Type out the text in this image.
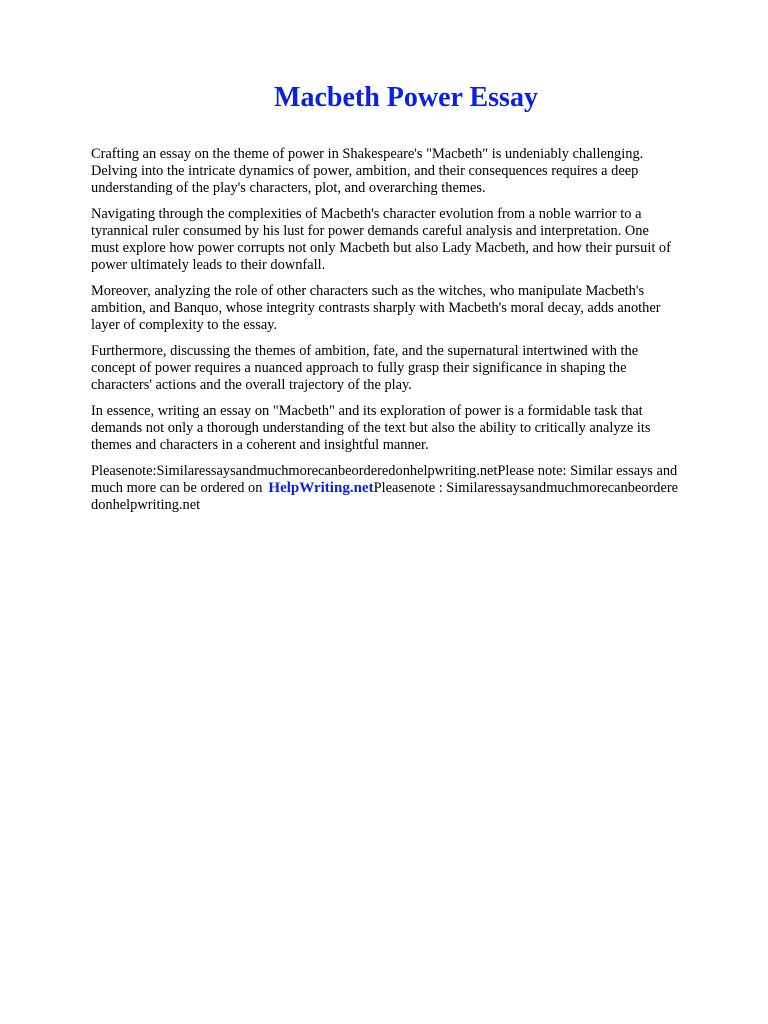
Macbeth Power Essay

Crafting an essay on the theme of power in Shakespeare's "Macbeth" is undeniably challenging.
Delving into the intricate dynamics of power, ambition, and their consequences requires a deep
understanding of the play's characters, plot, and overarching themes.

Navigating through the complexities of Macbeth's character evolution from a noble warrior to a
tyrannical ruler consumed by his lust for power demands careful analysis and interpretation. One
must explore how power corrupts not only Macbeth but also Lady Macbeth, and how their pursuit of
power ultimately leads to their downfall.

Moreover, analyzing the role of other characters such as the witches, who manipulate Macbeth's
ambition, and Banquo, whose integrity contrasts sharply with Macbeth's moral decay, adds another
layer of complexity to the essay.

Furthermore, discussing the themes of ambition, fate, and the supernatural intertwined with the
concept of power requires a nuanced approach to fully grasp their significance in shaping the
characters' actions and the overall trajectory of the play.

In essence, writing an essay on "Macbeth" and its exploration of power is a formidable task that
demands not only a thorough understanding of the text but also the ability to critically analyze its
themes and characters in a coherent and insightful manner.

Pleasenote:Similaressaysandmuchmorecanbeorderedonhelpwriting.netPlease note: Similar essays and
much more can be ordered on HelpWriting.netPleasenote : Similaressaysandmuchmorecanbeordere
donhelpwriting.net
